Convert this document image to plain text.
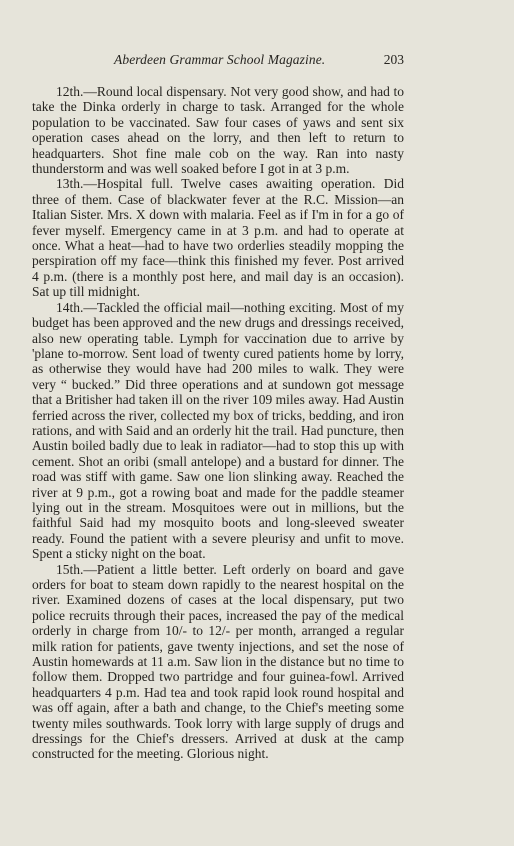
Aberdeen Grammar School Magazine.	203

12th.—Round local dispensary. Not very good show, and had to take the Dinka orderly in charge to task. Arranged for the whole population to be vaccinated. Saw four cases of yaws and sent six operation cases ahead on the lorry, and then left to return to headquarters. Shot fine male cob on the way. Ran into nasty thunderstorm and was well soaked before I got in at 3 p.m.

13th.—Hospital full. Twelve cases awaiting operation. Did three of them. Case of blackwater fever at the R.C. Mission—an Italian Sister. Mrs. X down with malaria. Feel as if I'm in for a go of fever myself. Emergency came in at 3 p.m. and had to operate at once. What a heat—had to have two orderlies steadily mopping the perspiration off my face—think this finished my fever. Post arrived 4 p.m. (there is a monthly post here, and mail day is an occasion). Sat up till midnight.

14th.—Tackled the official mail—nothing exciting. Most of my budget has been approved and the new drugs and dressings received, also new operating table. Lymph for vaccination due to arrive by 'plane to-morrow. Sent load of twenty cured patients home by lorry, as otherwise they would have had 200 miles to walk. They were very “ bucked.” Did three operations and at sundown got message that a Britisher had taken ill on the river 109 miles away. Had Austin ferried across the river, collected my box of tricks, bedding, and iron rations, and with Said and an orderly hit the trail. Had puncture, then Austin boiled badly due to leak in radiator—had to stop this up with cement. Shot an oribi (small antelope) and a bustard for dinner. The road was stiff with game. Saw one lion slinking away. Reached the river at 9 p.m., got a rowing boat and made for the paddle steamer lying out in the stream. Mosquitoes were out in millions, but the faithful Said had my mosquito boots and long-sleeved sweater ready. Found the patient with a severe pleurisy and unfit to move. Spent a sticky night on the boat.

15th.—Patient a little better. Left orderly on board and gave orders for boat to steam down rapidly to the nearest hospital on the river. Examined dozens of cases at the local dispensary, put two police recruits through their paces, increased the pay of the medical orderly in charge from 10/- to 12/- per month, arranged a regular milk ration for patients, gave twenty injections, and set the nose of Austin homewards at 11 a.m. Saw lion in the distance but no time to follow them. Dropped two partridge and four guinea-fowl. Arrived headquarters 4 p.m. Had tea and took rapid look round hospital and was off again, after a bath and change, to the Chief's meeting some twenty miles southwards. Took lorry with large supply of drugs and dressings for the Chief's dressers. Arrived at dusk at the camp constructed for the meeting. Glorious night.
